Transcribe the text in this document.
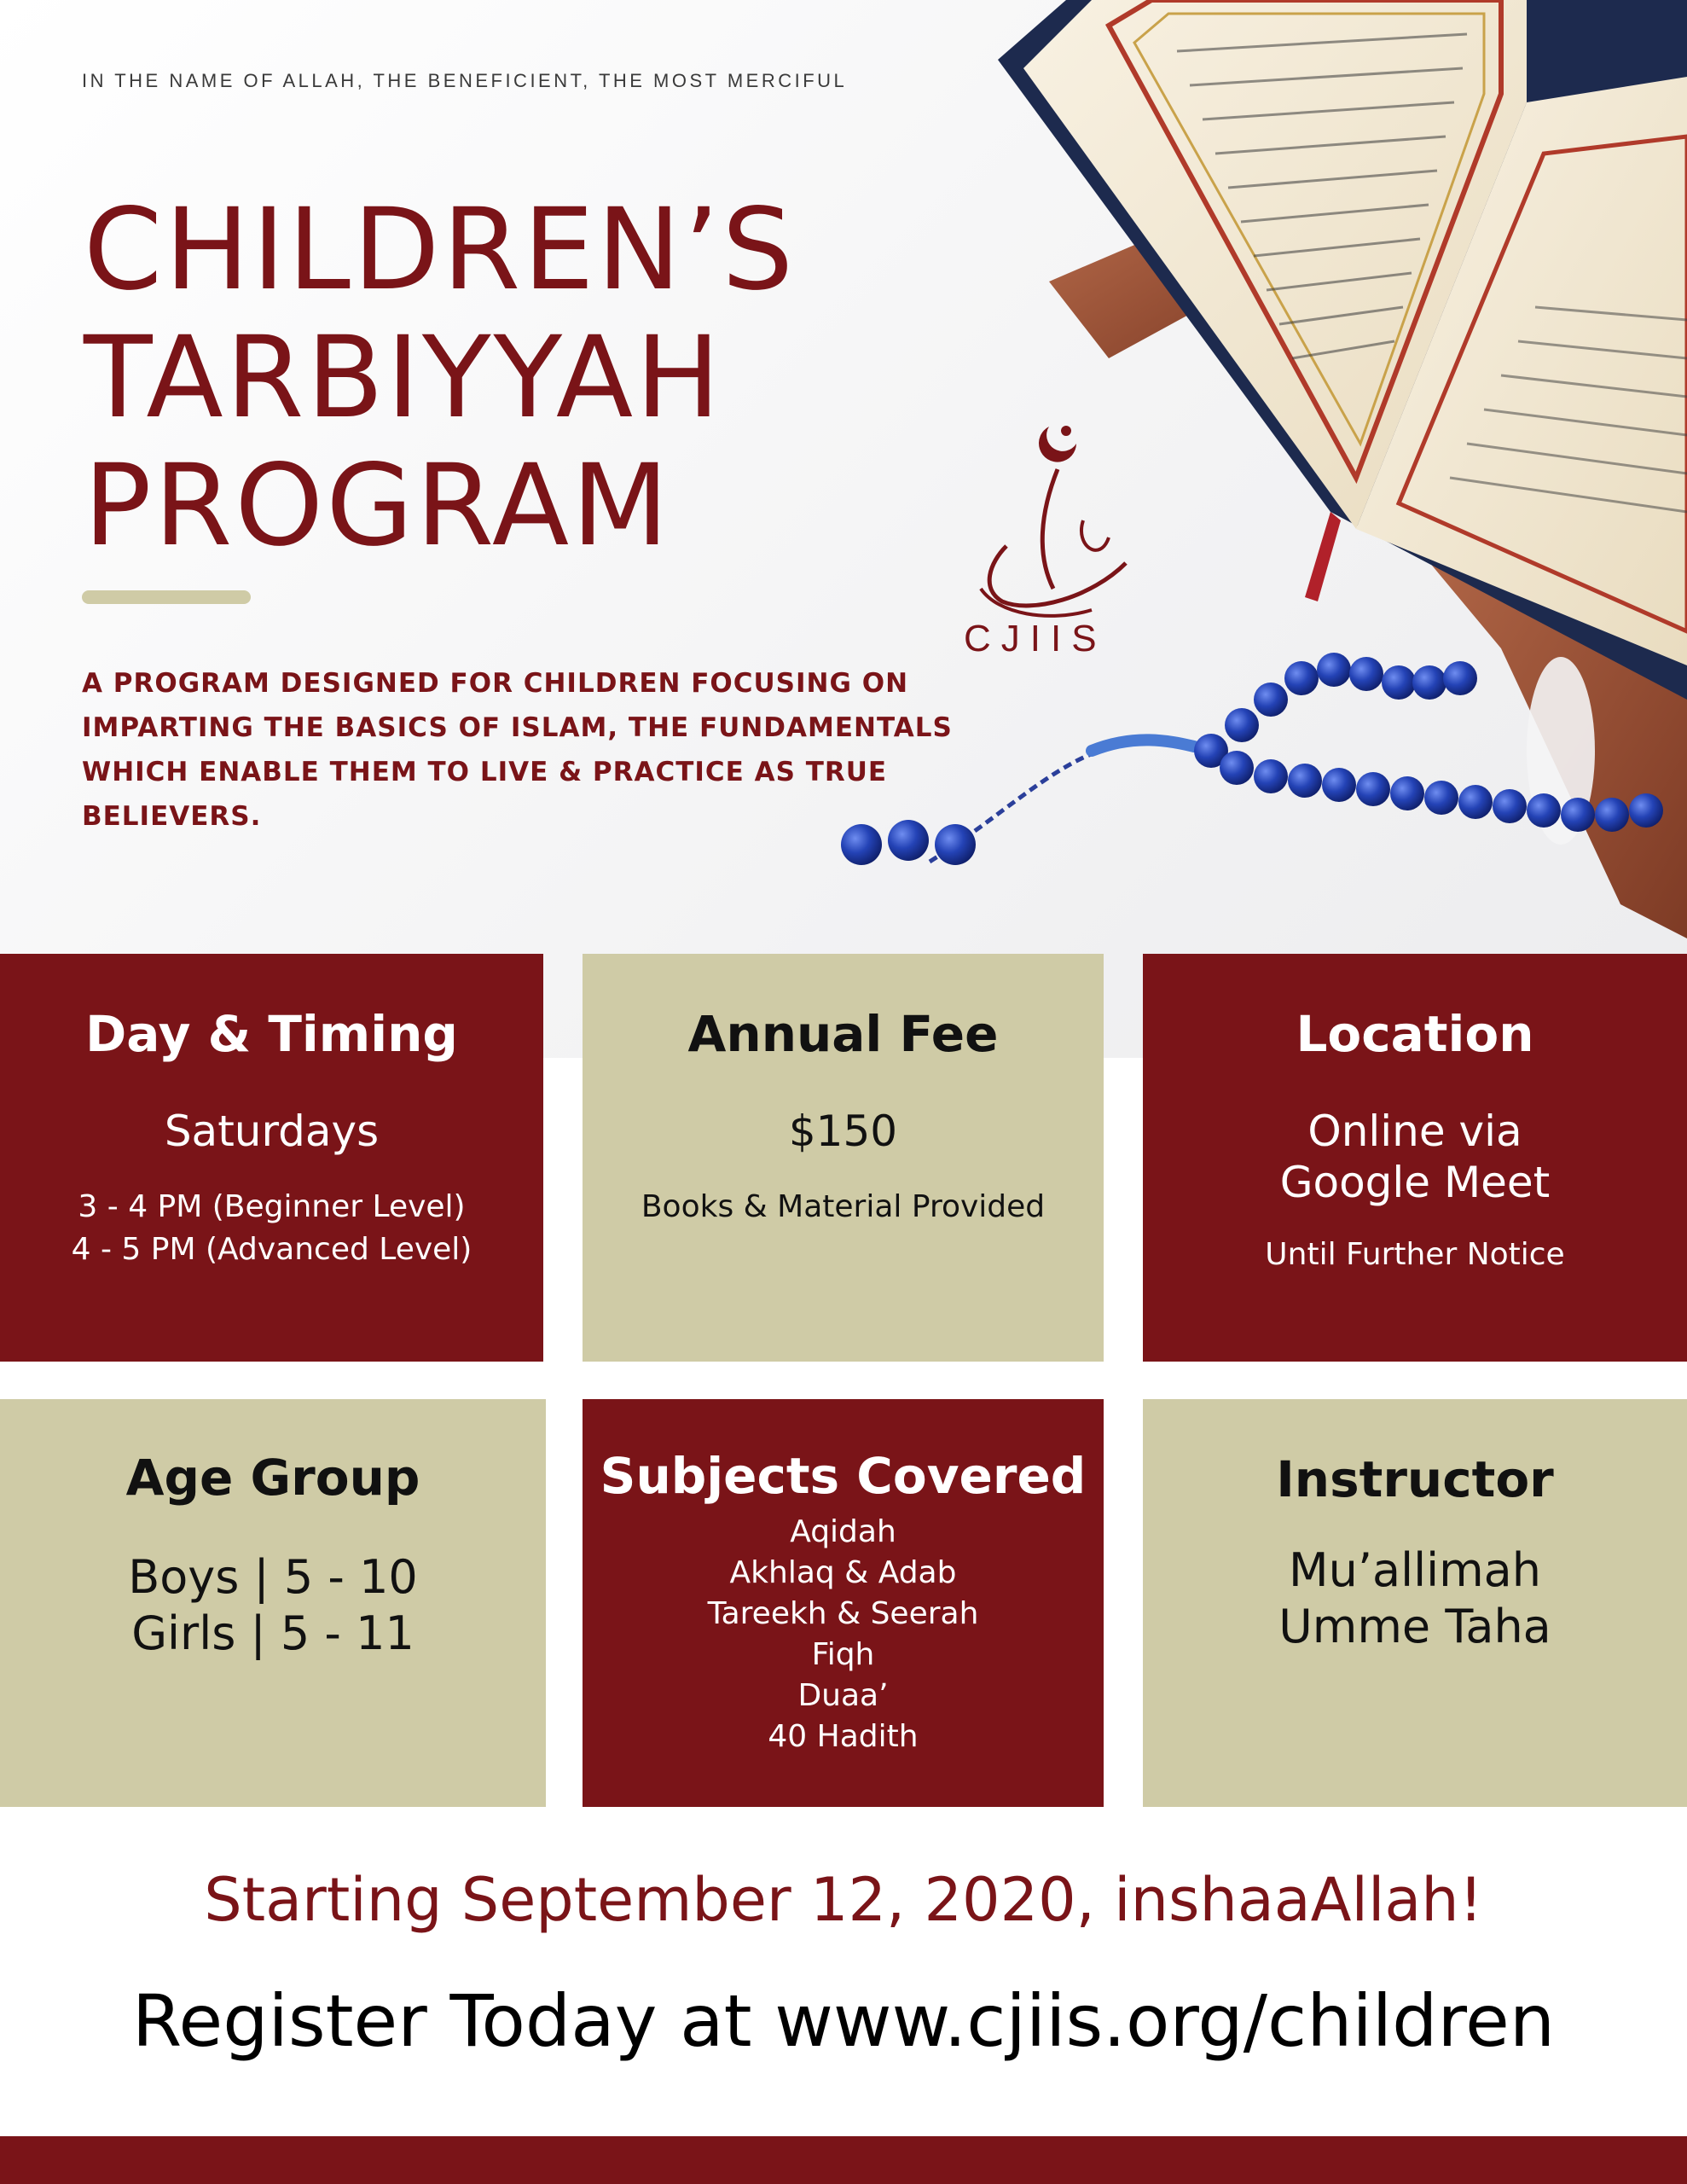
IN THE NAME OF ALLAH, THE BENEFICIENT, THE MOST MERCIFUL
CHILDREN’S
TARBIYYAH
PROGRAM

A PROGRAM DESIGNED FOR CHILDREN FOCUSING ON IMPARTING THE BASICS OF ISLAM, THE FUNDAMENTALS WHICH ENABLE THEM TO LIVE & PRACTICE AS TRUE BELIEVERS.

CJIIS
Day & Timing
Saturdays
3 - 4 PM (Beginner Level)
4 - 5 PM (Advanced Level)
Annual Fee
$150
Books & Material Provided
Location
Online via
Google Meet
Until Further Notice
Age Group
Boys | 5 - 10
Girls | 5 - 11
Subjects Covered
Aqidah
Akhlaq & Adab
Tareekh & Seerah
Fiqh
Duaa’
40 Hadith
Instructor
Mu’allimah
Umme Taha
Starting September 12, 2020, inshaaAllah!
Register Today at www.cjiis.org/children
